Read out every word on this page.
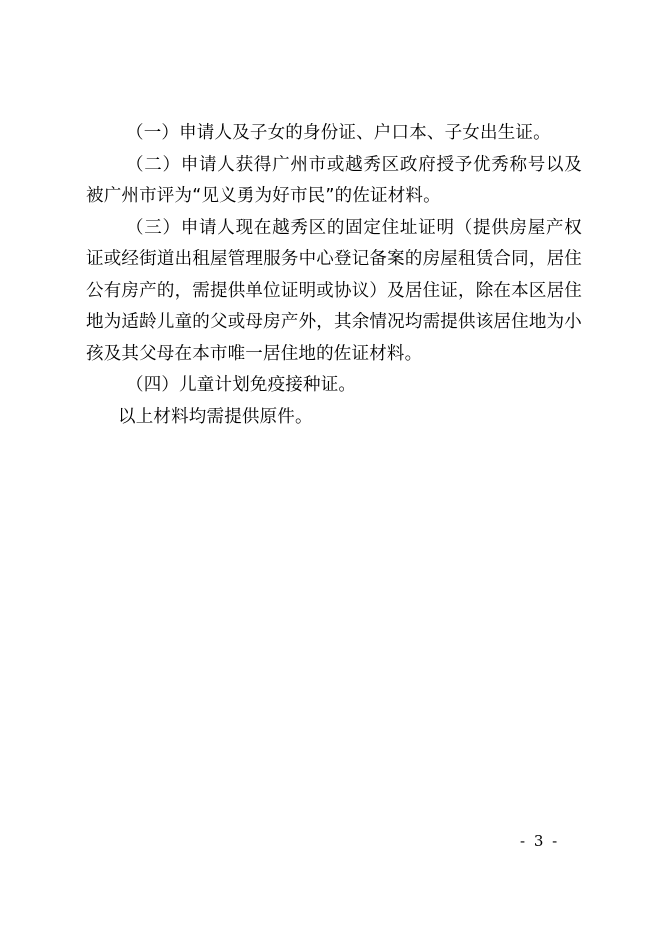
（一）申请人及子女的身份证、户口本、子女出生证。

（二）申请人获得广州市或越秀区政府授予优秀称号以及被广州市评为“见义勇为好市民”的佐证材料。

（三）申请人现在越秀区的固定住址证明（提供房屋产权证或经街道出租屋管理服务中心登记备案的房屋租赁合同，居住公有房产的，需提供单位证明或协议）及居住证，除在本区居住地为适龄儿童的父或母房产外，其余情况均需提供该居住地为小孩及其父母在本市唯一居住地的佐证材料。

（四）儿童计划免疫接种证。

以上材料均需提供原件。

- 3 -
